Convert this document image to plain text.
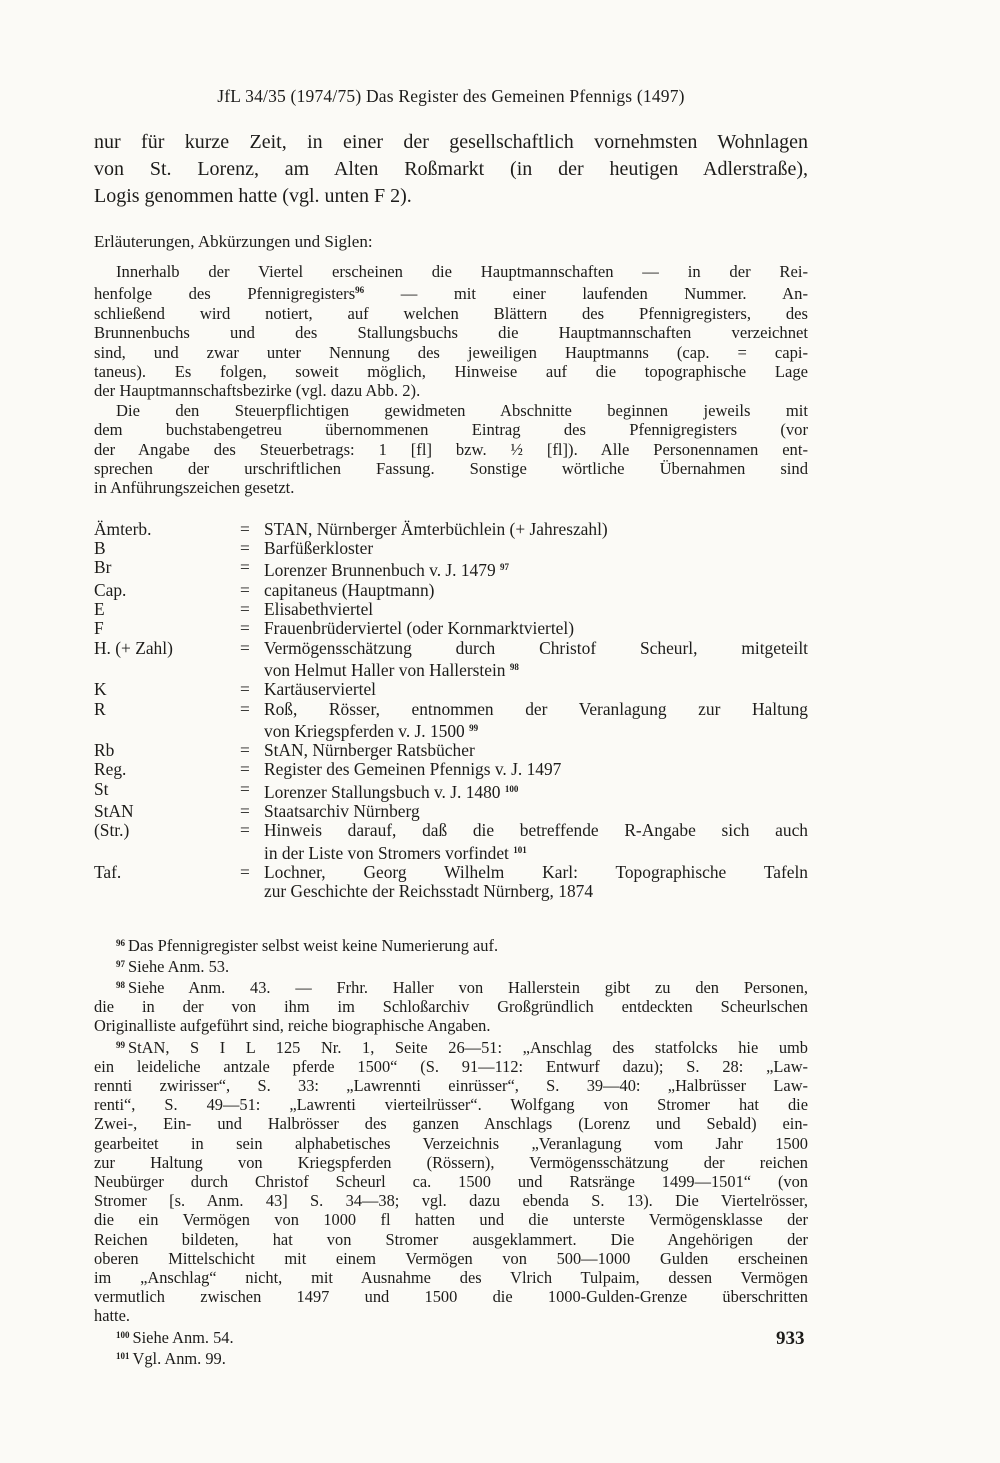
JfL 34/35 (1974/75) Das Register des Gemeinen Pfennigs (1497)
nur für kurze Zeit, in einer der gesellschaftlich vornehmsten Wohnlagen
von St. Lorenz, am Alten Roßmarkt (in der heutigen Adlerstraße),
Logis genommen hatte (vgl. unten F 2).
Erläuterungen, Abkürzungen und Siglen:
Innerhalb der Viertel erscheinen die Hauptmannschaften — in der Rei-
henfolge des Pfennigregisters$^{96}$ — mit einer laufenden Nummer. An-
schließend wird notiert, auf welchen Blättern des Pfennigregisters, des
Brunnenbuchs und des Stallungsbuchs die Hauptmannschaften verzeichnet
sind, und zwar unter Nennung des jeweiligen Hauptmanns (cap. = capi-
taneus). Es folgen, soweit möglich, Hinweise auf die topographische Lage
der Hauptmannschaftsbezirke (vgl. dazu Abb. 2).
Die den Steuerpflichtigen gewidmeten Abschnitte beginnen jeweils mit
dem buchstabengetreu übernommenen Eintrag des Pfennigregisters (vor
der Angabe des Steuerbetrags: 1 [fl] bzw. ½ [fl]). Alle Personennamen ent-
sprechen der urschriftlichen Fassung. Sonstige wörtliche Übernahmen sind
in Anführungszeichen gesetzt.
Ämterb.	= STAN, Nürnberger Ämterbüchlein (+ Jahreszahl)
B	= Barfüßerkloster
Br	= Lorenzer Brunnenbuch v. J. 1479 $^{97}$
Cap.	= capitaneus (Hauptmann)
E	= Elisabethviertel
F	= Frauenbrüderviertel (oder Kornmarktviertel)
H. (+ Zahl)	= Vermögensschätzung durch Christof Scheurl, mitgeteilt
von Helmut Haller von Hallerstein $^{98}$
K	= Kartäuserviertel
R	= Roß, Rösser, entnommen der Veranlagung zur Haltung
von Kriegspferden v. J. 1500 $^{99}$
Rb	= StAN, Nürnberger Ratsbücher
Reg.	= Register des Gemeinen Pfennigs v. J. 1497
St	= Lorenzer Stallungsbuch v. J. 1480 $^{100}$
StAN	= Staatsarchiv Nürnberg
(Str.)	= Hinweis darauf, daß die betreffende R-Angabe sich auch
in der Liste von Stromers vorfindet $^{101}$
Taf.	= Lochner, Georg Wilhelm Karl: Topographische Tafeln
zur Geschichte der Reichsstadt Nürnberg, 1874
$^{96}$ Das Pfennigregister selbst weist keine Numerierung auf.
$^{97}$ Siehe Anm. 53.
$^{98}$ Siehe Anm. 43. — Frhr. Haller von Hallerstein gibt zu den Personen,
die in der von ihm im Schloßarchiv Großgründlich entdeckten Scheurlschen
Originalliste aufgeführt sind, reiche biographische Angaben.
$^{99}$ StAN, S I L 125 Nr. 1, Seite 26—51: „Anschlag des statfolcks hie umb
ein leideliche antzale pferde 1500“ (S. 91—112: Entwurf dazu); S. 28: „Law-
rennti zwirisser“, S. 33: „Lawrennti einrüsser“, S. 39—40: „Halbrüsser Law-
renti“, S. 49—51: „Lawrenti vierteilrüsser“. Wolfgang von Stromer hat die
Zwei-, Ein- und Halbrösser des ganzen Anschlags (Lorenz und Sebald) ein-
gearbeitet in sein alphabetisches Verzeichnis „Veranlagung vom Jahr 1500
zur Haltung von Kriegspferden (Rössern), Vermögensschätzung der reichen
Neubürger durch Christof Scheurl ca. 1500 und Ratsränge 1499—1501“ (von
Stromer [s. Anm. 43] S. 34—38; vgl. dazu ebenda S. 13). Die Viertelrösser,
die ein Vermögen von 1000 fl hatten und die unterste Vermögensklasse der
Reichen bildeten, hat von Stromer ausgeklammert. Die Angehörigen der
oberen Mittelschicht mit einem Vermögen von 500—1000 Gulden erscheinen
im „Anschlag“ nicht, mit Ausnahme des Vlrich Tulpaim, dessen Vermögen
vermutlich zwischen 1497 und 1500 die 1000-Gulden-Grenze überschritten
hatte.
$^{100}$ Siehe Anm. 54.
$^{101}$ Vgl. Anm. 99.
933
